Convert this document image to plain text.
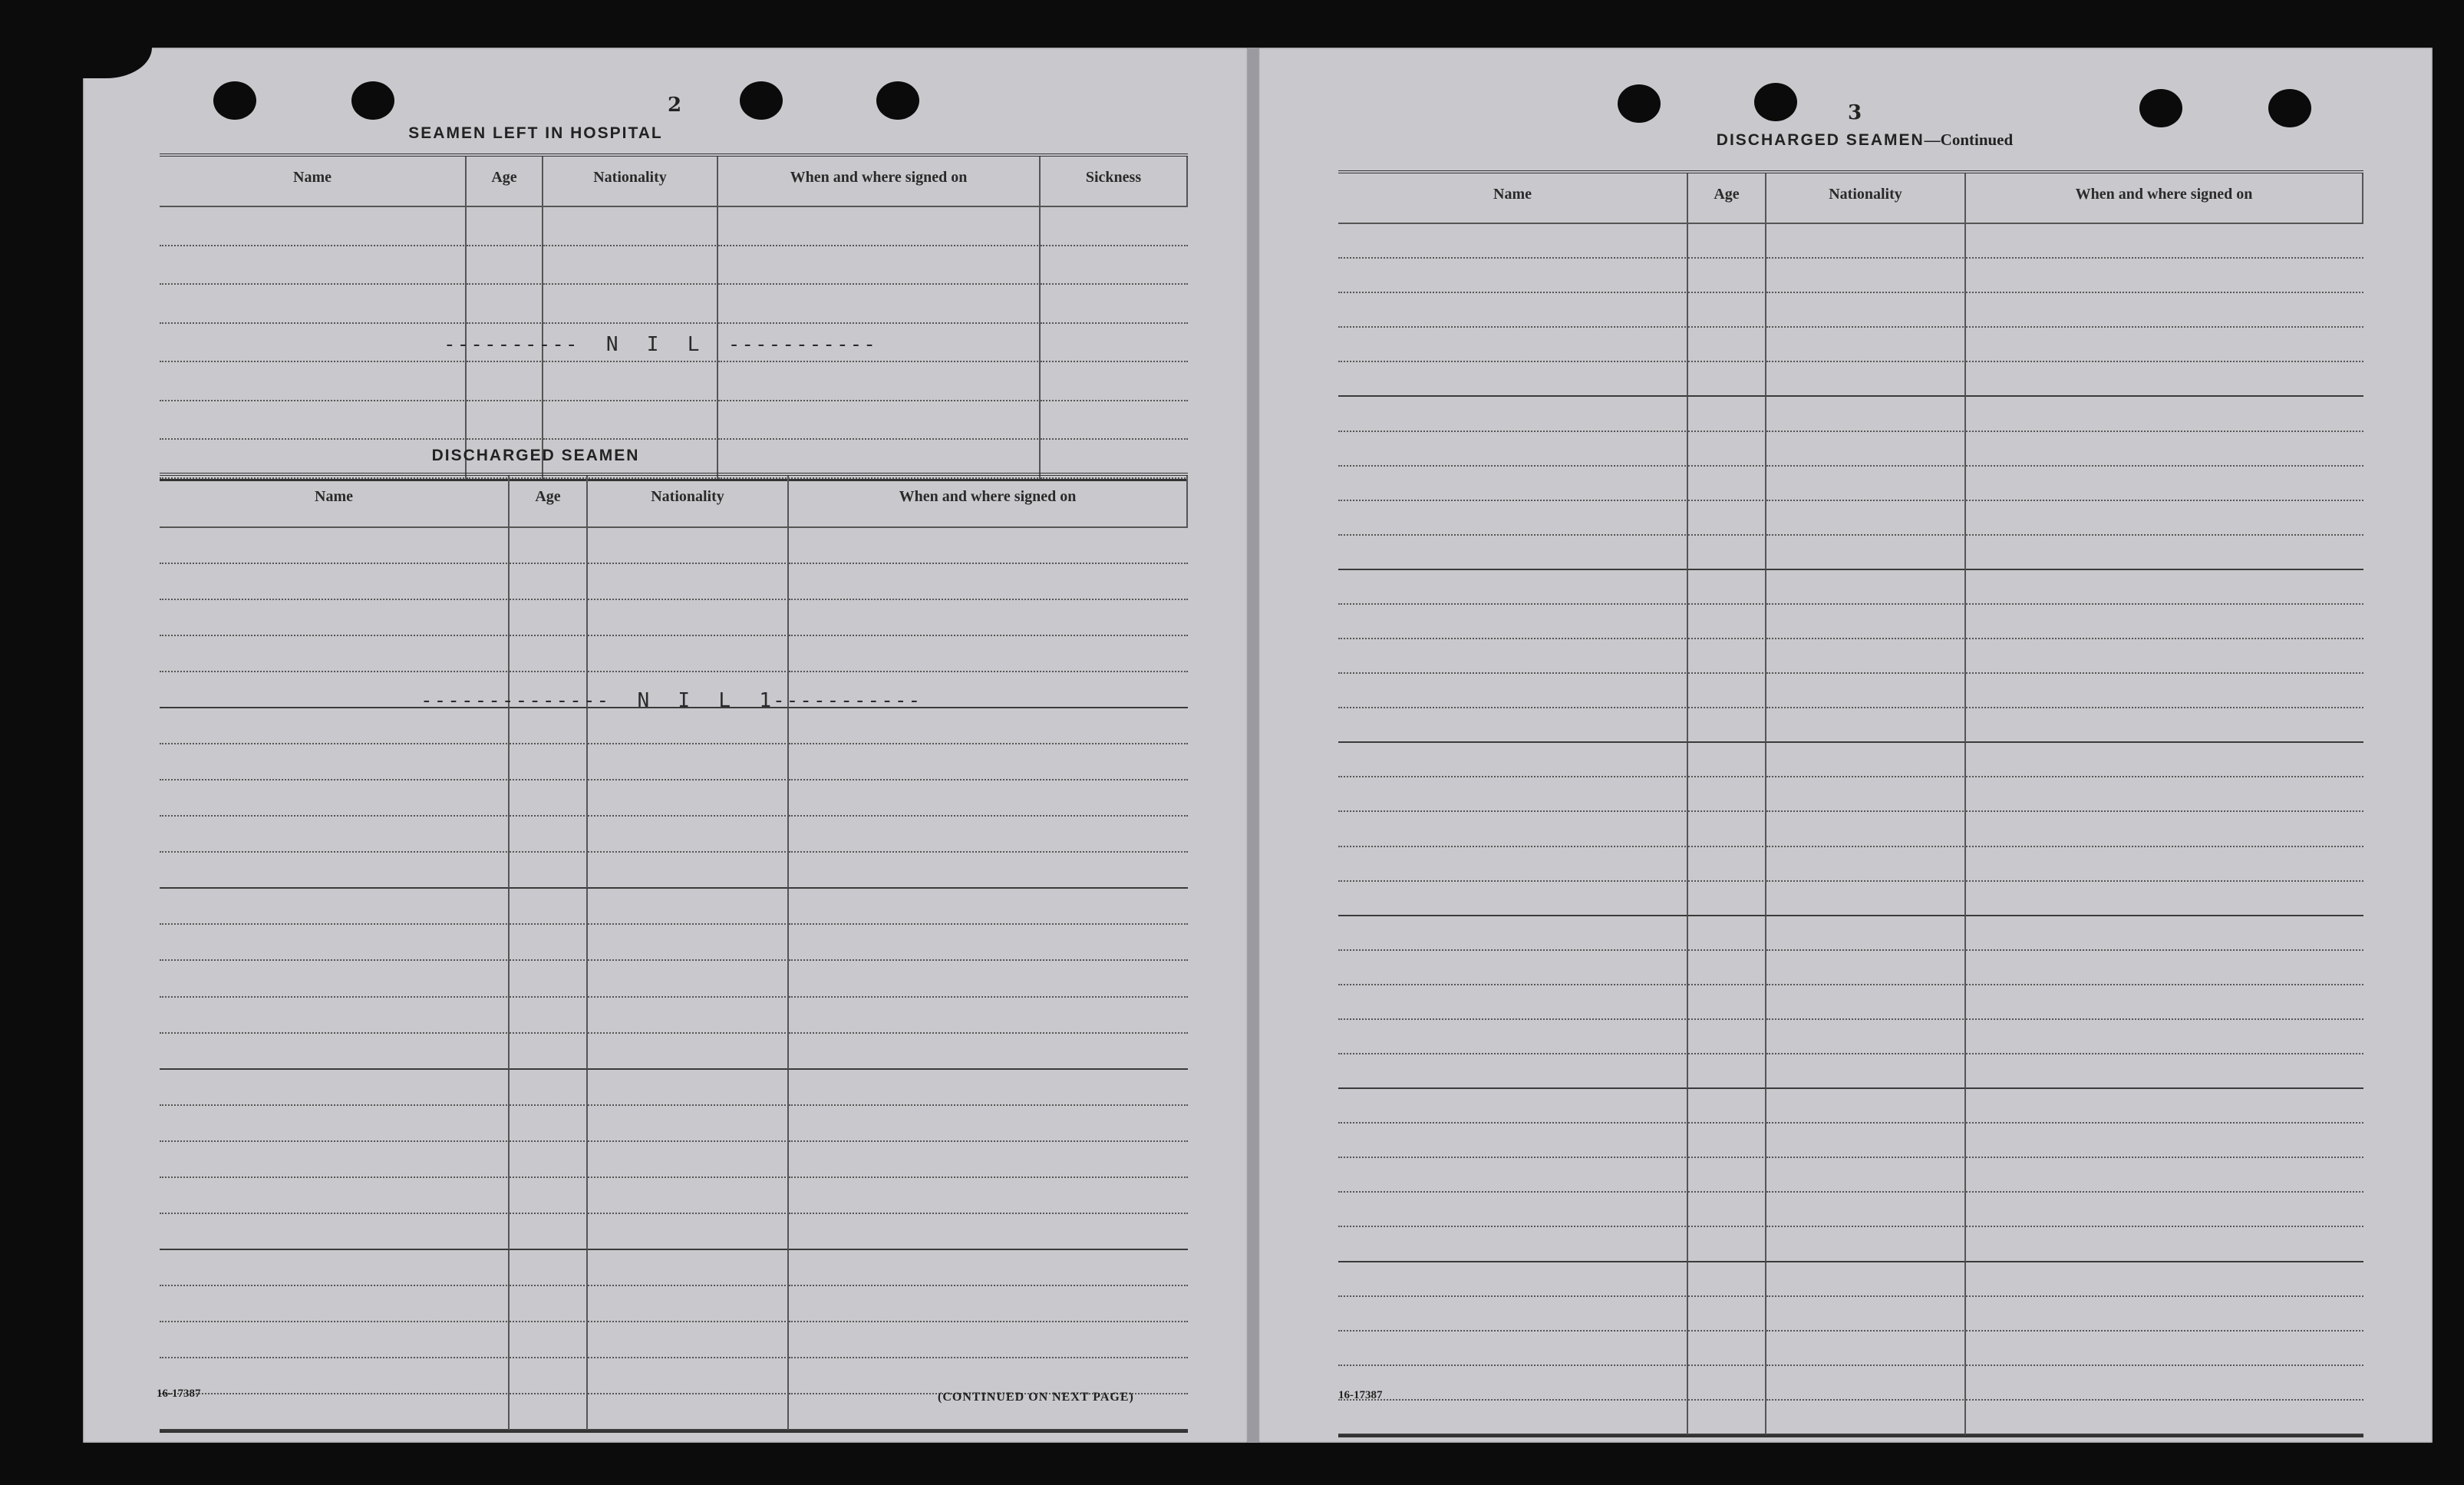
2
SEAMEN LEFT IN HOSPITAL
Name	Age	Nationality	When and where signed on	Sickness
----------  N  I  L  -----------
DISCHARGED SEAMEN
Name	Age	Nationality	When and where signed on
--------------  N  I  L  1-----------
16-17387	(CONTINUED ON NEXT PAGE)
3
DISCHARGED SEAMEN—Continued
Name	Age	Nationality	When and where signed on
16-17387
